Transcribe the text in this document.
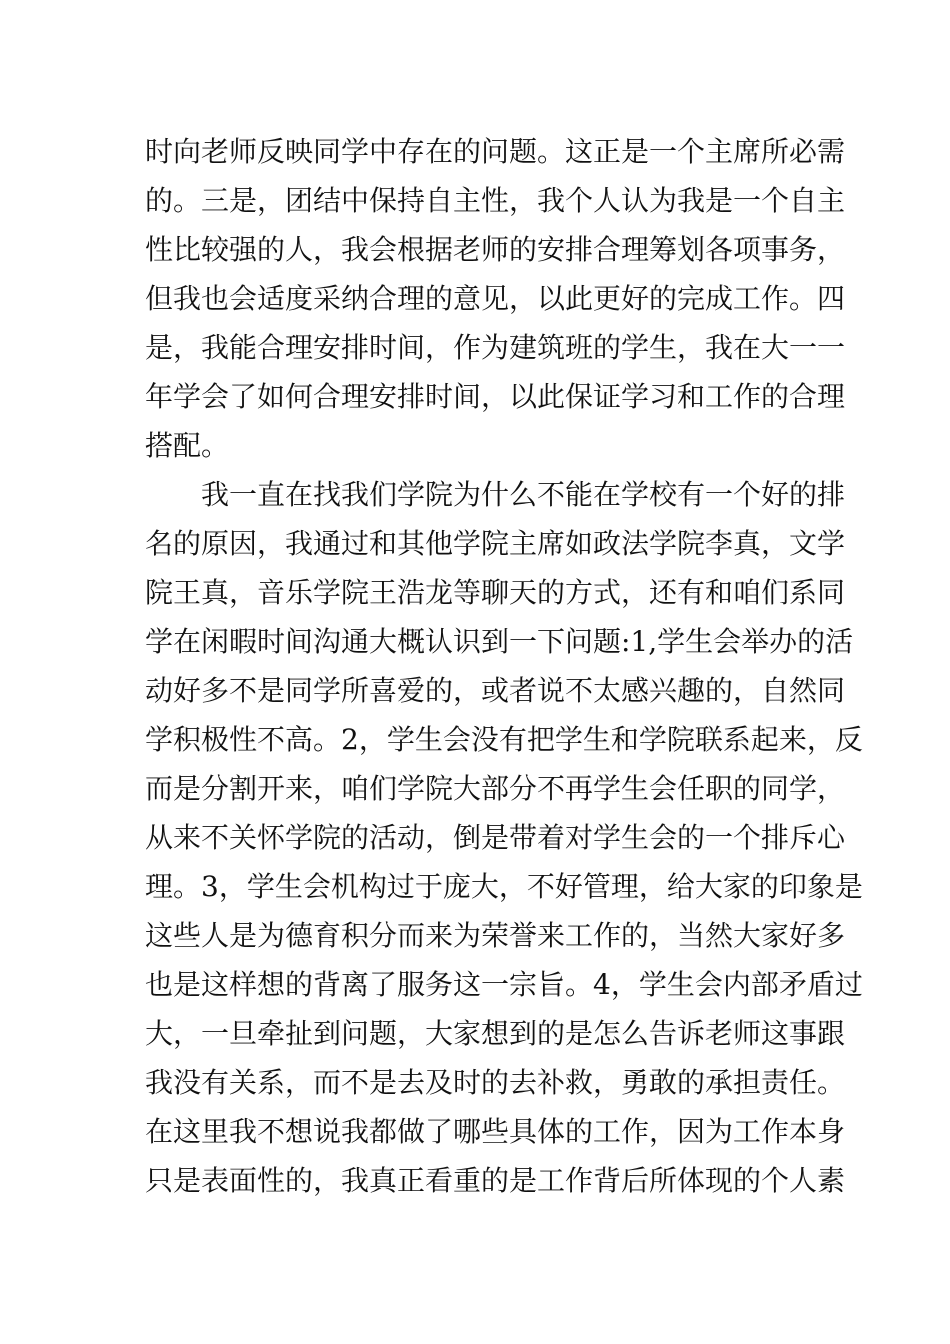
时向老师反映同学中存在的问题。这正是一个主席所必需
的。三是，团结中保持自主性，我个人认为我是一个自主
性比较强的人，我会根据老师的安排合理筹划各项事务，
但我也会适度采纳合理的意见，以此更好的完成工作。四
是，我能合理安排时间，作为建筑班的学生，我在大一一
年学会了如何合理安排时间，以此保证学习和工作的合理
搭配。
我一直在找我们学院为什么不能在学校有一个好的排
名的原因，我通过和其他学院主席如政法学院李真，文学
院王真，音乐学院王浩龙等聊天的方式，还有和咱们系同
学在闲暇时间沟通大概认识到一下问题:1,学生会举办的活
动好多不是同学所喜爱的，或者说不太感兴趣的，自然同
学积极性不高。2，学生会没有把学生和学院联系起来，反
而是分割开来，咱们学院大部分不再学生会任职的同学，
从来不关怀学院的活动，倒是带着对学生会的一个排斥心
理。3，学生会机构过于庞大，不好管理，给大家的印象是
这些人是为德育积分而来为荣誉来工作的，当然大家好多
也是这样想的背离了服务这一宗旨。4，学生会内部矛盾过
大，一旦牵扯到问题，大家想到的是怎么告诉老师这事跟
我没有关系，而不是去及时的去补救，勇敢的承担责任。
在这里我不想说我都做了哪些具体的工作，因为工作本身
只是表面性的，我真正看重的是工作背后所体现的个人素
